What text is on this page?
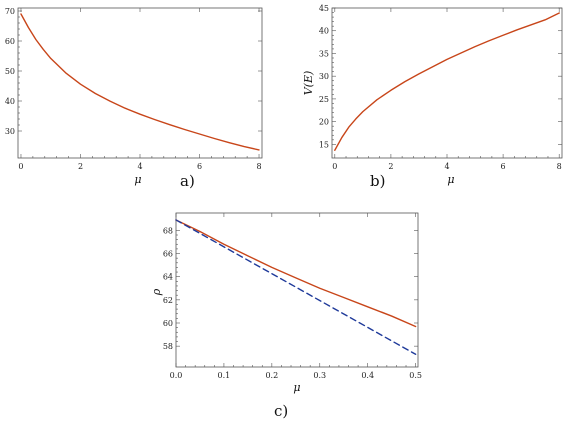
0	2	4	6	8
30
40
50
60
70
μ
0	2	4	6	8
15
20
25
30
35
40
45
μ
V(E)
0.0	0.1	0.2	0.3	0.4	0.5
58
60
62
64
66
68
μ
ρ
a)	b)
c)
